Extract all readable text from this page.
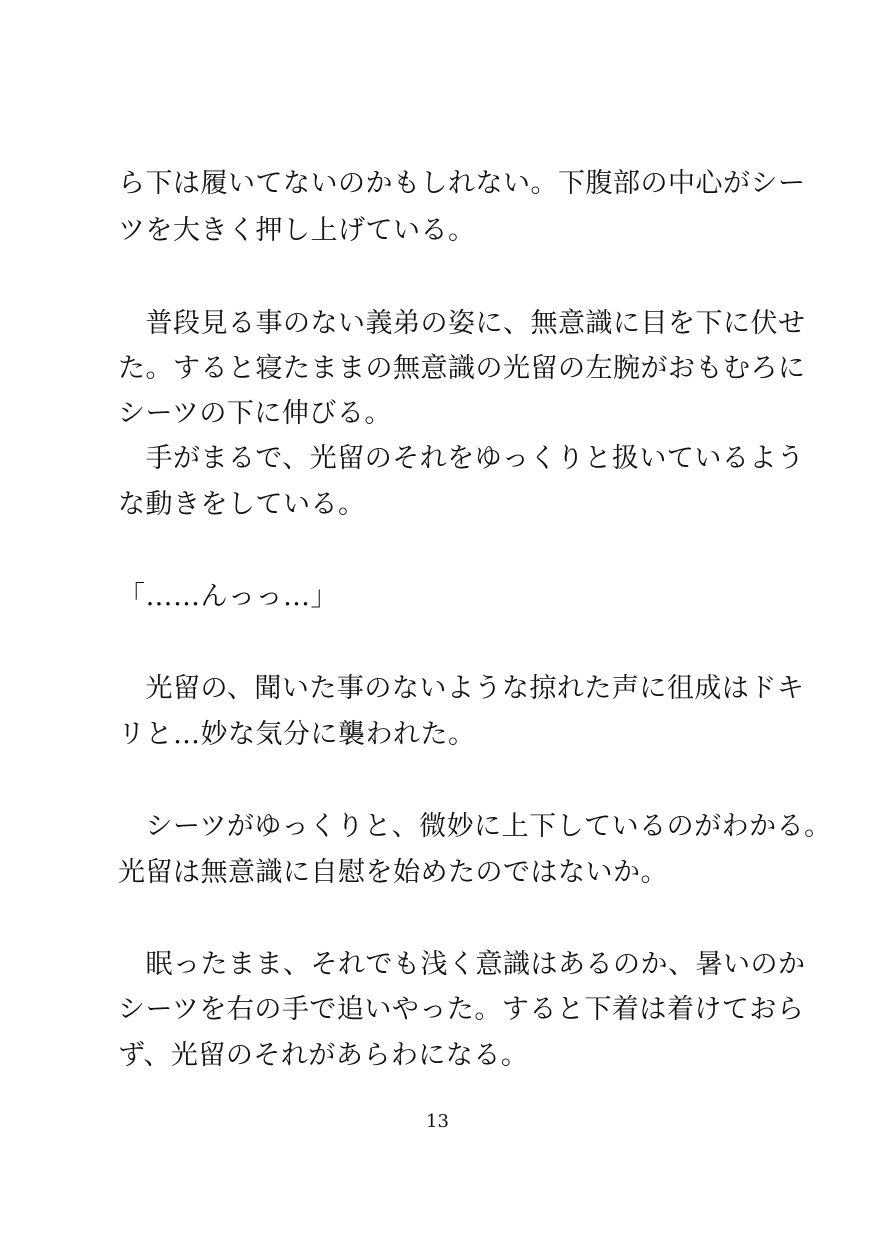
ら下は履いてないのかもしれない。下腹部の中心がシー
ツを大きく押し上げている。
　普段見る事のない義弟の姿に、無意識に目を下に伏せ
た。すると寝たままの無意識の光留の左腕がおもむろに
シーツの下に伸びる。
　手がまるで、光留のそれをゆっくりと扱いているよう
な動きをしている。
「……んっっ…」
　光留の、聞いた事のないような掠れた声に徂成はドキ
リと…妙な気分に襲われた。
　シーツがゆっくりと、微妙に上下しているのがわかる。
光留は無意識に自慰を始めたのではないか。
　眠ったまま、それでも浅く意識はあるのか、暑いのか
シーツを右の手で追いやった。すると下着は着けておら
ず、光留のそれがあらわになる。
13
